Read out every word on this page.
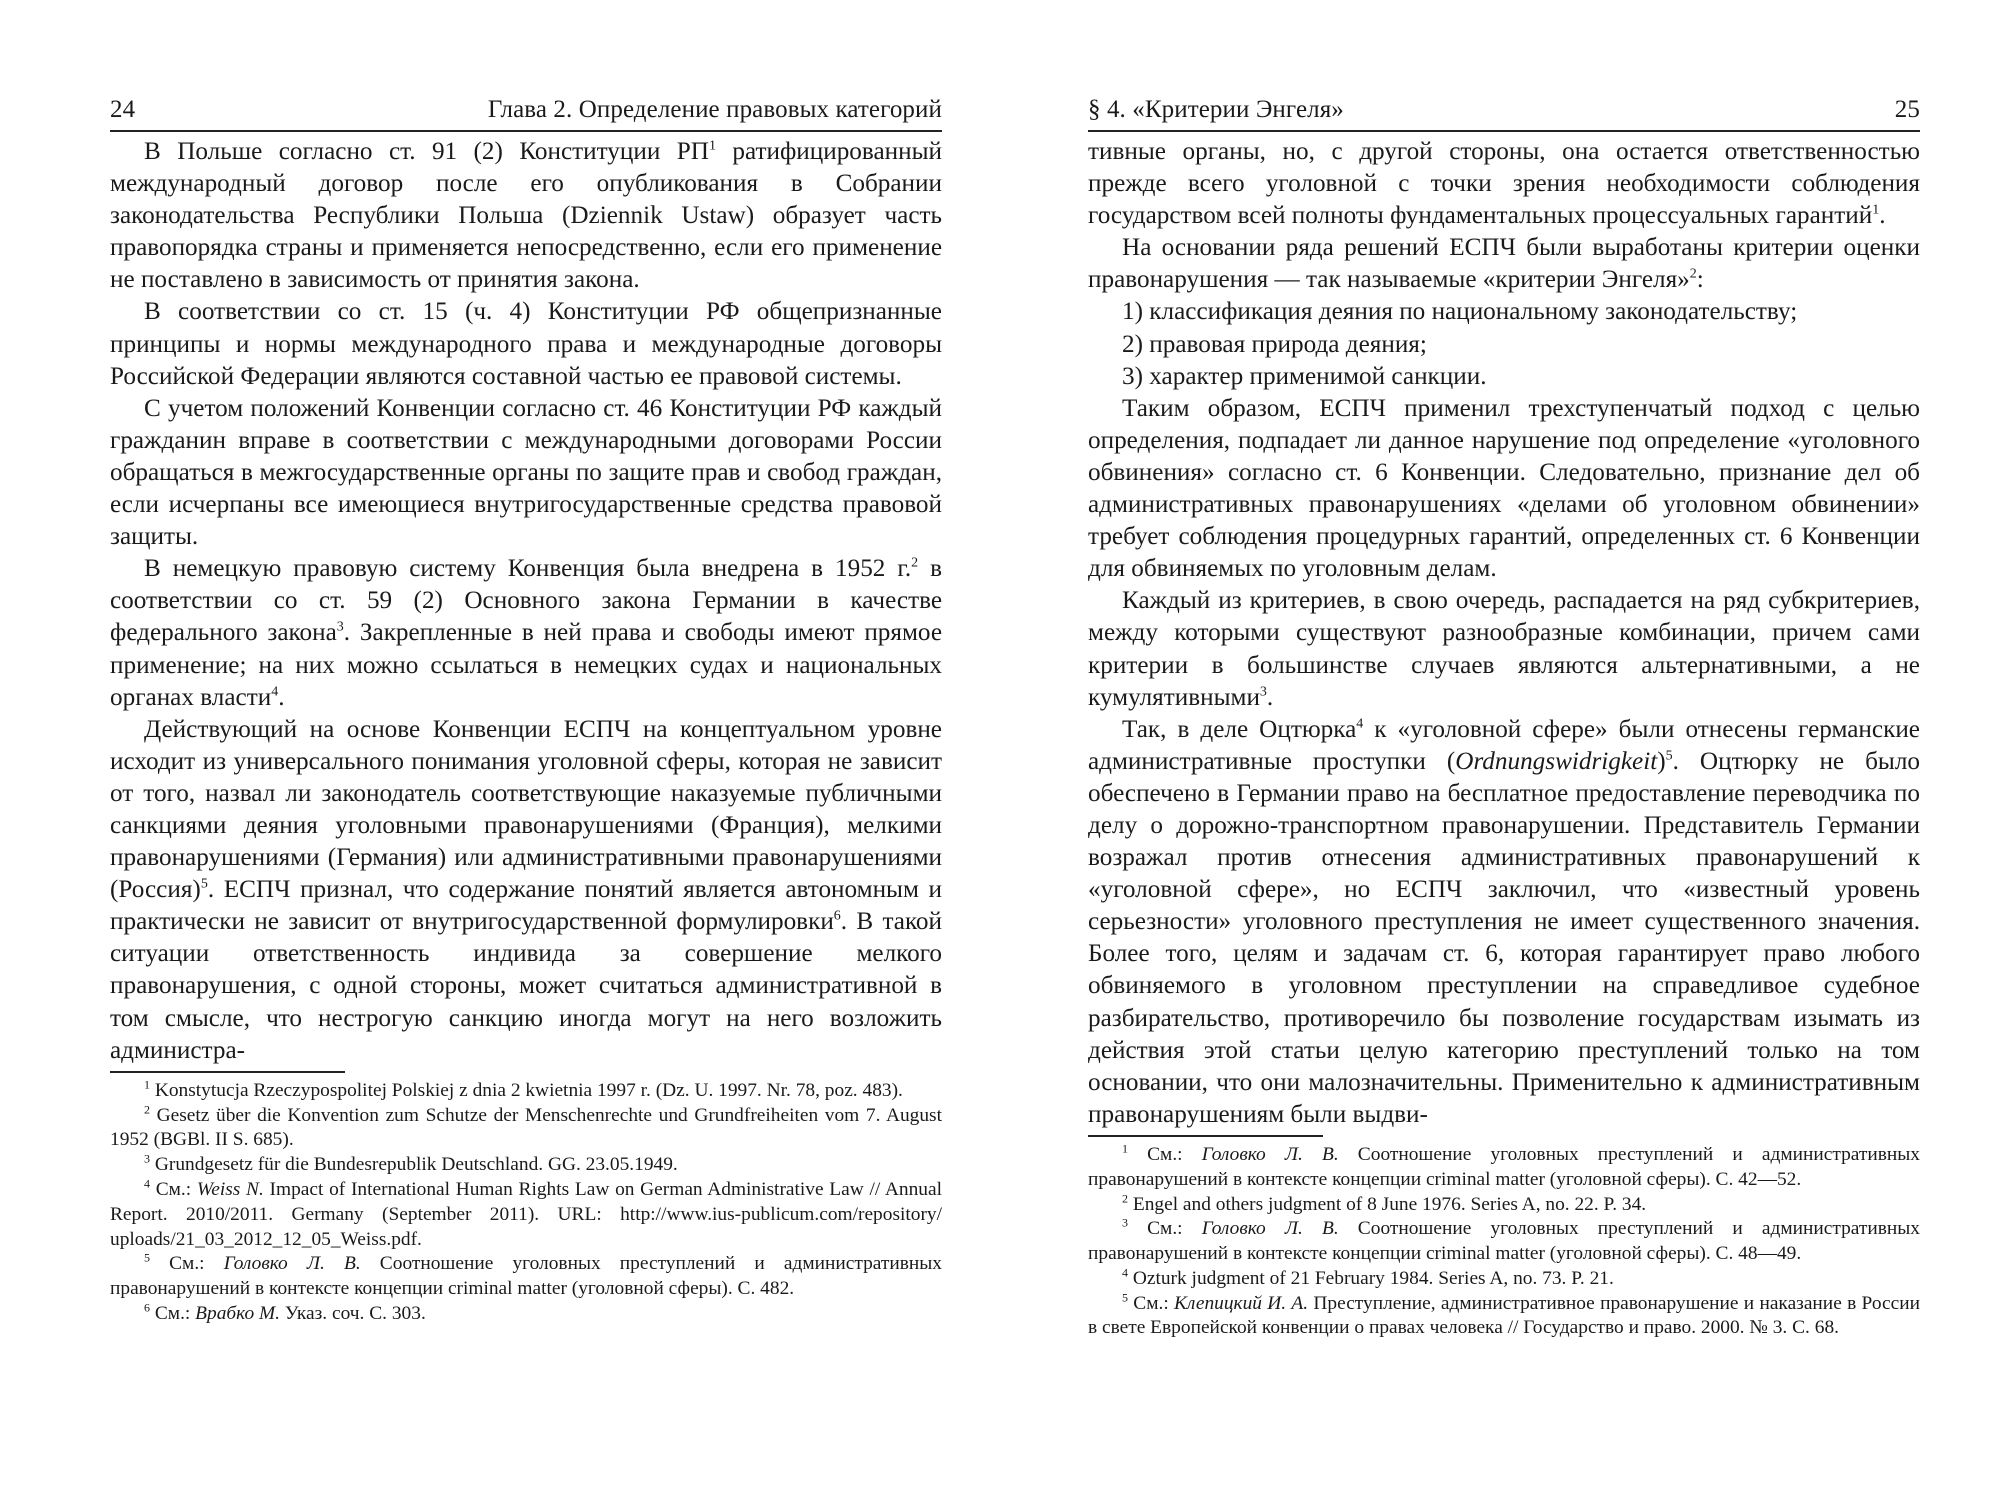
24	Глава 2. Определение правовых категорий

В Польше согласно ст. 91 (2) Конституции $РП^1$ ратифицированный международный договор после его опубликования в Собрании законодательства Республики Польша (Dziennik Ustaw) образует часть правопорядка страны и применяется непосредственно, если его применение не поставлено в зависимость от принятия закона.

В соответствии со ст. 15 (ч. 4) Конституции РФ общепризнанные принципы и нормы международного права и международные договоры Российской Федерации являются составной частью ее правовой системы.

С учетом положений Конвенции согласно ст. 46 Конституции РФ каждый гражданин вправе в соответствии с международными договорами России обращаться в межгосударственные органы по защите прав и свобод граждан, если исчерпаны все имеющиеся внутригосударственные средства правовой защиты.

В немецкую правовую систему Конвенция была внедрена в 1952 г.$^2$ в соответствии со ст. 59 (2) Основного закона Германии в качестве федерального закона$^3$. Закрепленные в ней права и свободы имеют прямое применение; на них можно ссылаться в немецких судах и национальных органах власти$^4$.

Действующий на основе Конвенции ЕСПЧ на концептуальном уровне исходит из универсального понимания уголовной сферы, которая не зависит от того, назвал ли законодатель соответствующие наказуемые публичными санкциями деяния уголовными правонарушениями (Франция), мелкими правонарушениями (Германия) или административными правонарушениями (Россия)$^5$. ЕСПЧ признал, что содержание понятий является автономным и практически не зависит от внутригосударственной формулировки$^6$. В такой ситуации ответственность индивида за совершение мелкого правонарушения, с одной стороны, может считаться административной в том смысле, что нестрогую санкцию иногда могут на него возложить администра-

$^1$ Konstytucja Rzeczypospolitej Polskiej z dnia 2 kwietnia 1997 r. (Dz. U. 1997. Nr. 78, poz. 483).

$^2$ Gesetz über die Konvention zum Schutze der Menschenrechte und Grundfreiheiten vom 7. August 1952 (BGBl. II S. 685).

$^3$ Grundgesetz für die Bundesrepublik Deutschland. GG. 23.05.1949.

$^4$ См.: Weiss N. Impact of International Human Rights Law on German Administrative Law // Annual Report. 2010/2011. Germany (September 2011). URL: http://www.ius-publicum.com/repository/ uploads/21_03_2012_12_05_Weiss.pdf.

$^5$ См.: Головко Л. В. Соотношение уголовных преступлений и административных правонарушений в контексте концепции criminal matter (уголовной сферы). С. 482.

$^6$ См.: Врабко М. Указ. соч. С. 303.

§ 4. «Критерии Энгеля»	25

тивные органы, но, с другой стороны, она остается ответственностью прежде всего уголовной с точки зрения необходимости соблюдения государством всей полноты фундаментальных процессуальных гарантий$^1$.

На основании ряда решений ЕСПЧ были выработаны критерии оценки правонарушения — так называемые «критерии Энгеля»$^2$:

1) классификация деяния по национальному законодательству;

2) правовая природа деяния;

3) характер применимой санкции.

Таким образом, ЕСПЧ применил трехступенчатый подход с целью определения, подпадает ли данное нарушение под определение «уголовного обвинения» согласно ст. 6 Конвенции. Следовательно, признание дел об административных правонарушениях «делами об уголовном обвинении» требует соблюдения процедурных гарантий, определенных ст. 6 Конвенции для обвиняемых по уголовным делам.

Каждый из критериев, в свою очередь, распадается на ряд субкритериев, между которыми существуют разнообразные комбинации, причем сами критерии в большинстве случаев являются альтернативными, а не кумулятивными$^3$.

Так, в деле Оцтюрка$^4$ к «уголовной сфере» были отнесены германские административные проступки (Ordnungswidrigkeit)$^5$. Оцтюрку не было обеспечено в Германии право на бесплатное предоставление переводчика по делу о дорожно-транспортном правонарушении. Представитель Германии возражал против отнесения административных правонарушений к «уголовной сфере», но ЕСПЧ заключил, что «известный уровень серьезности» уголовного преступления не имеет существенного значения. Более того, целям и задачам ст. 6, которая гарантирует право любого обвиняемого в уголовном преступлении на справедливое судебное разбирательство, противоречило бы позволение государствам изымать из действия этой статьи целую категорию преступлений только на том основании, что они малозначительны. Применительно к административным правонарушениям были выдви-

$^1$ См.: Головко Л. В. Соотношение уголовных преступлений и административных правонарушений в контексте концепции criminal matter (уголовной сферы). С. 42—52.

$^2$ Engel and others judgment of 8 June 1976. Series A, no. 22. P. 34.

$^3$ См.: Головко Л. В. Соотношение уголовных преступлений и административных правонарушений в контексте концепции criminal matter (уголовной сферы). С. 48—49.

$^4$ Ozturk judgment of 21 February 1984. Series A, no. 73. P. 21.

$^5$ См.: Клепицкий И. А. Преступление, административное правонарушение и наказание в России в свете Европейской конвенции о правах человека // Государство и право. 2000. № 3. С. 68.
